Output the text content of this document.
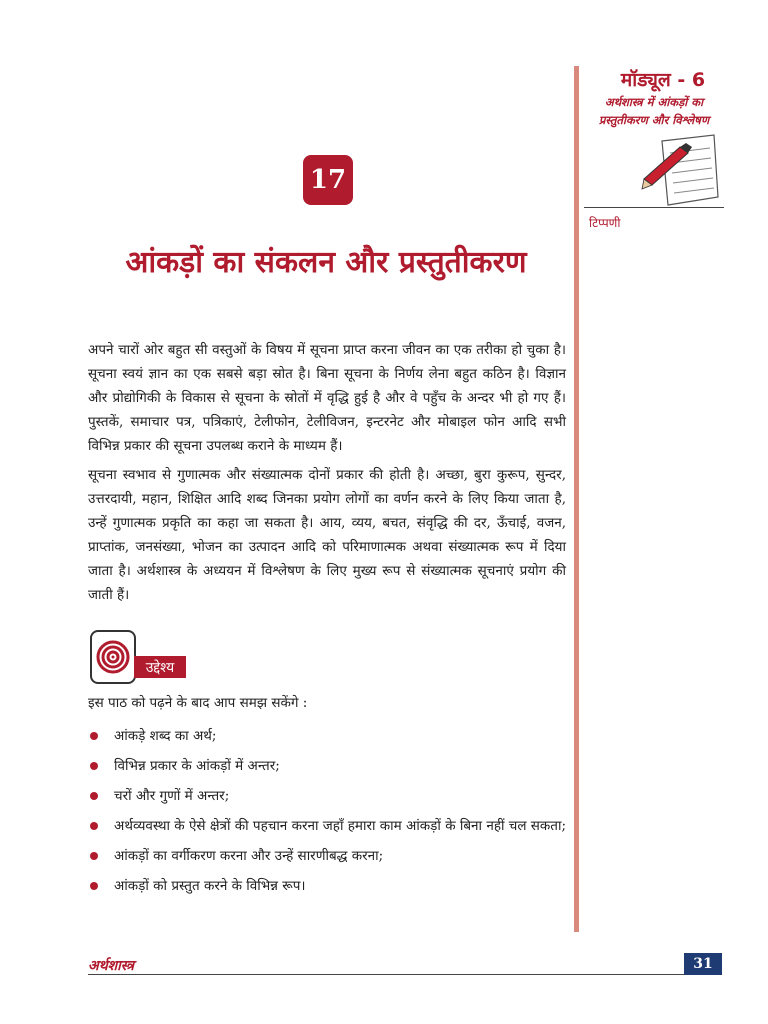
मॉड्यूल - 6
अर्थशास्त्र में आंकड़ों का
प्रस्तुतीकरण और विश्लेषण
टिप्पणी
17
आंकड़ों का संकलन और प्रस्तुतीकरण

अपने चारों ओर बहुत सी वस्तुओं के विषय में सूचना प्राप्त करना जीवन का एक तरीका हो चुका है। सूचना स्वयं ज्ञान का एक सबसे बड़ा स्रोत है। बिना सूचना के निर्णय लेना बहुत कठिन है। विज्ञान और प्रोद्योगिकी के विकास से सूचना के स्रोतों में वृद्धि हुई है और वे पहुँच के अन्दर भी हो गए हैं। पुस्तकें, समाचार पत्र, पत्रिकाएं, टेलीफोन, टेलीविजन, इन्टरनेट और मोबाइल फोन आदि सभी विभिन्न प्रकार की सूचना उपलब्ध कराने के माध्यम हैं।

सूचना स्वभाव से गुणात्मक और संख्यात्मक दोनों प्रकार की होती है। अच्छा, बुरा कुरूप, सुन्दर, उत्तरदायी, महान, शिक्षित आदि शब्द जिनका प्रयोग लोगों का वर्णन करने के लिए किया जाता है, उन्हें गुणात्मक प्रकृति का कहा जा सकता है। आय, व्यय, बचत, संवृद्धि की दर, ऊँचाई, वजन, प्राप्तांक, जनसंख्या, भोजन का उत्पादन आदि को परिमाणात्मक अथवा संख्यात्मक रूप में दिया जाता है। अर्थशास्त्र के अध्ययन में विश्लेषण के लिए मुख्य रूप से संख्यात्मक सूचनाएं प्रयोग की जाती हैं।

उद्देश्य

इस पाठ को पढ़ने के बाद आप समझ सकेंगे :

आंकड़े शब्द का अर्थ;
विभिन्न प्रकार के आंकड़ों में अन्तर;
चरों और गुणों में अन्तर;
अर्थव्यवस्था के ऐसे क्षेत्रों की पहचान करना जहाँ हमारा काम आंकड़ों के बिना नहीं चल सकता;
आंकड़ों का वर्गीकरण करना और उन्हें सारणीबद्ध करना;
आंकड़ों को प्रस्तुत करने के विभिन्न रूप।
अर्थशास्त्र	31
